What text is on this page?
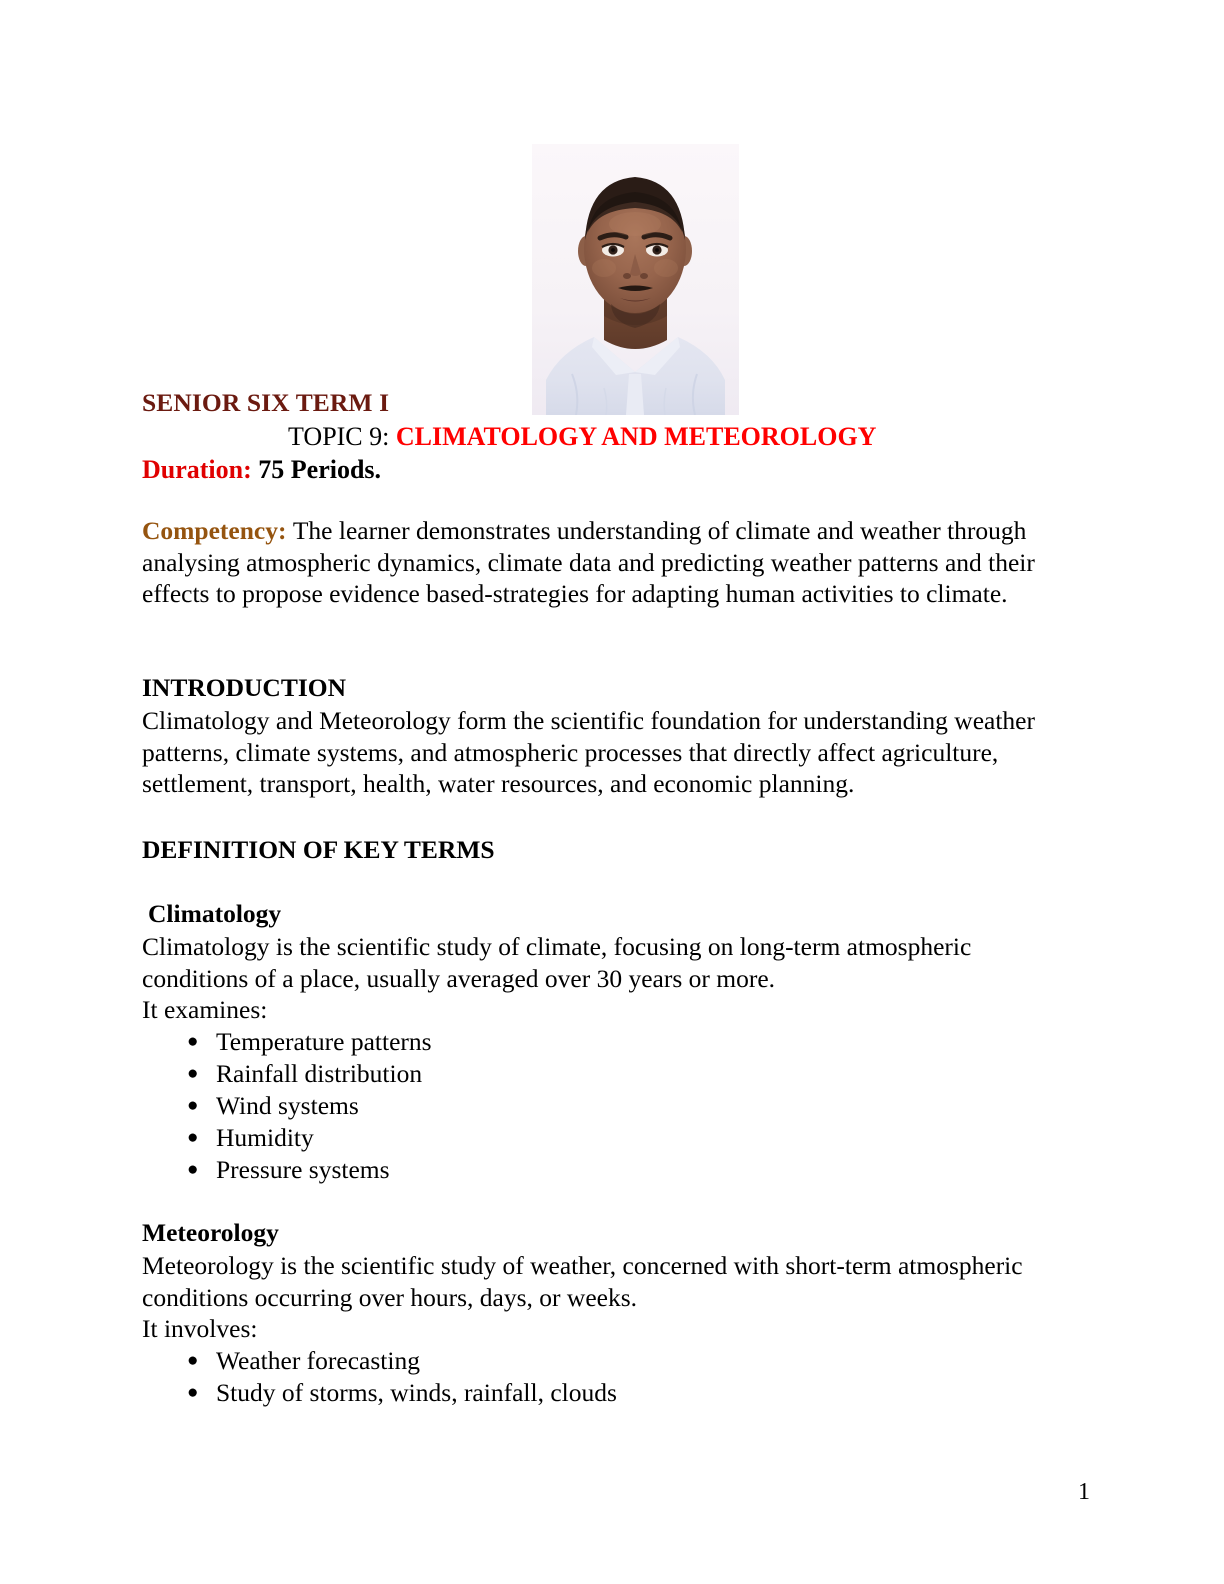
SENIOR SIX TERM I
TOPIC 9: CLIMATOLOGY AND METEOROLOGY
Duration: 75 Periods.
Competency: The learner demonstrates understanding of climate and weather through analysing atmospheric dynamics, climate data and predicting weather patterns and their effects to propose evidence based-strategies for adapting human activities to climate.
INTRODUCTION
Climatology and Meteorology form the scientific foundation for understanding weather patterns, climate systems, and atmospheric processes that directly affect agriculture, settlement, transport, health, water resources, and economic planning.
DEFINITION OF KEY TERMS
Climatology
Climatology is the scientific study of climate, focusing on long-term atmospheric conditions of a place, usually averaged over 30 years or more.
It examines:
● Temperature patterns
● Rainfall distribution
● Wind systems
● Humidity
● Pressure systems
Meteorology
Meteorology is the scientific study of weather, concerned with short-term atmospheric conditions occurring over hours, days, or weeks.
It involves:
● Weather forecasting
● Study of storms, winds, rainfall, clouds
1
